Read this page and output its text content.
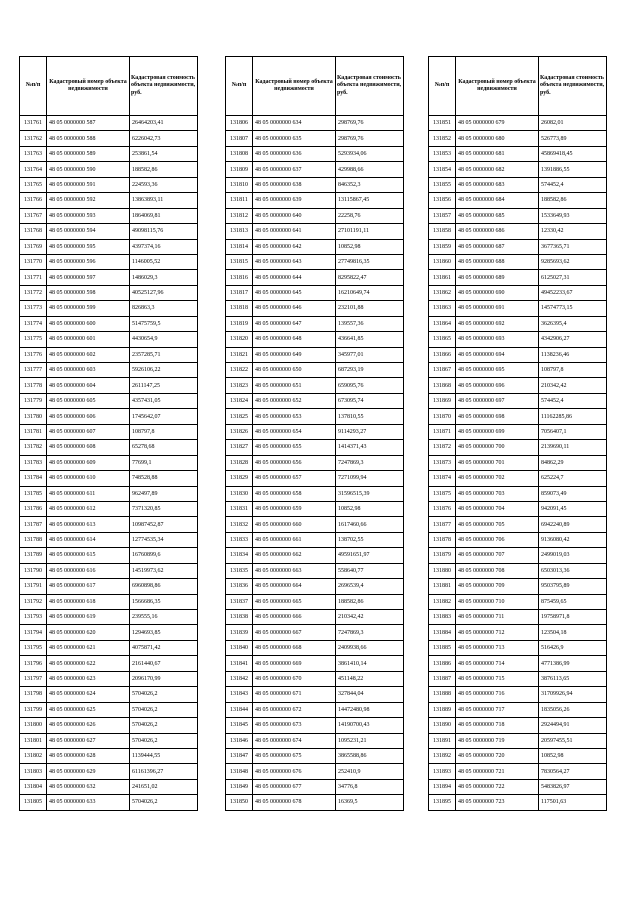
№п/п	Кадастровый номер объекта недвижимости	Кадастровая стоимость объекта недвижимости, руб.
131761	48 05 0000000 587	26464203,41
131762	48 05 0000000 588	6226042,73
131763	48 05 0000000 589	253861,54
131764	48 05 0000000 590	188582,86
131765	48 05 0000000 591	224593,36
131766	48 05 0000000 592	13863893,11
131767	48 05 0000000 593	1864069,81
131768	48 05 0000000 594	49098115,76
131769	48 05 0000000 595	4397374,16
131770	48 05 0000000 596	1146005,52
131771	48 05 0000000 597	1486029,3
131772	48 05 0000000 598	40525127,96
131773	48 05 0000000 599	826863,3
131774	48 05 0000000 600	51475759,5
131775	48 05 0000000 601	4430654,9
131776	48 05 0000000 602	2357285,71
131777	48 05 0000000 603	5926106,22
131778	48 05 0000000 604	2611147,25
131779	48 05 0000000 605	4357431,05
131780	48 05 0000000 606	1745642,07
131781	48 05 0000000 607	108797,8
131782	48 05 0000000 608	65278,68
131783	48 05 0000000 609	77699,1
131784	48 05 0000000 610	748528,88
131785	48 05 0000000 611	962497,89
131786	48 05 0000000 612	7371320,85
131787	48 05 0000000 613	10987452,87
131788	48 05 0000000 614	12774535,34
131789	48 05 0000000 615	16760899,6
131790	48 05 0000000 616	14519973,62
131791	48 05 0000000 617	6960898,86
131792	48 05 0000000 618	1566686,35
131793	48 05 0000000 619	239555,16
131794	48 05 0000000 620	1294693,85
131795	48 05 0000000 621	4075871,42
131796	48 05 0000000 622	2161440,67
131797	48 05 0000000 623	2096170,99
131798	48 05 0000000 624	5704026,2
131799	48 05 0000000 625	5704026,2
131800	48 05 0000000 626	5704026,2
131801	48 05 0000000 627	5704026,2
131802	48 05 0000000 628	1139444,55
131803	48 05 0000000 629	61161396,27
131804	48 05 0000000 632	241651,02
131805	48 05 0000000 633	5704026,2
№п/п	Кадастровый номер объекта недвижимости	Кадастровая стоимость объекта недвижимости, руб.
131806	48 05 0000000 634	298769,76
131807	48 05 0000000 635	298769,76
131808	48 05 0000000 636	5293934,06
131809	48 05 0000000 637	429988,66
131810	48 05 0000000 638	846352,3
131811	48 05 0000000 639	13115867,45
131812	48 05 0000000 640	22258,76
131813	48 05 0000000 641	27101191,11
131814	48 05 0000000 642	10852,98
131815	48 05 0000000 643	27749816,35
131816	48 05 0000000 644	8295822,47
131817	48 05 0000000 645	16210649,74
131818	48 05 0000000 646	232101,88
131819	48 05 0000000 647	139557,36
131820	48 05 0000000 648	436641,85
131821	48 05 0000000 649	345977,01
131822	48 05 0000000 650	687293,19
131823	48 05 0000000 651	659095,76
131824	48 05 0000000 652	673095,74
131825	48 05 0000000 653	137810,55
131826	48 05 0000000 654	9114293,27
131827	48 05 0000000 655	1414371,43
131828	48 05 0000000 656	7247869,3
131829	48 05 0000000 657	7271099,94
131830	48 05 0000000 658	31596515,39
131831	48 05 0000000 659	10852,98
131832	48 05 0000000 660	1617460,66
131833	48 05 0000000 661	138702,55
131834	48 05 0000000 662	49591651,97
131835	48 05 0000000 663	558640,77
131836	48 05 0000000 664	2696539,4
131837	48 05 0000000 665	188582,86
131838	48 05 0000000 666	210342,42
131839	48 05 0000000 667	7247869,3
131840	48 05 0000000 668	2409938,66
131841	48 05 0000000 669	3861410,14
131842	48 05 0000000 670	451148,22
131843	48 05 0000000 671	327844,04
131844	48 05 0000000 672	14472480,98
131845	48 05 0000000 673	14190700,43
131846	48 05 0000000 674	1095231,21
131847	48 05 0000000 675	3865588,86
131848	48 05 0000000 676	252410,9
131849	48 05 0000000 677	34776,8
131850	48 05 0000000 678	16369,5
№п/п	Кадастровый номер объекта недвижимости	Кадастровая стоимость объекта недвижимости, руб.
131851	48 05 0000000 679	26082,01
131852	48 05 0000000 680	526773,89
131853	48 05 0000000 681	45869418,45
131854	48 05 0000000 682	1391886,55
131855	48 05 0000000 683	574452,4
131856	48 05 0000000 684	188582,86
131857	48 05 0000000 685	1533649,93
131858	48 05 0000000 686	12330,42
131859	48 05 0000000 687	3677365,71
131860	48 05 0000000 688	9285693,62
131861	48 05 0000000 689	6125027,31
131862	48 05 0000000 690	49452233,67
131863	48 05 0000000 691	14574773,15
131864	48 05 0000000 692	3626395,4
131865	48 05 0000000 693	4342906,27
131866	48 05 0000000 694	1138236,46
131867	48 05 0000000 695	108797,8
131868	48 05 0000000 696	210342,42
131869	48 05 0000000 697	574452,4
131870	48 05 0000000 698	11162285,86
131871	48 05 0000000 699	7056407,1
131872	48 05 0000000 700	2139690,11
131873	48 05 0000000 701	84862,29
131874	48 05 0000000 702	625224,7
131875	48 05 0000000 703	859073,49
131876	48 05 0000000 704	942091,45
131877	48 05 0000000 705	6942240,89
131878	48 05 0000000 706	9136080,42
131879	48 05 0000000 707	2499019,03
131880	48 05 0000000 708	6503013,36
131881	48 05 0000000 709	9503795,89
131882	48 05 0000000 710	875459,65
131883	48 05 0000000 711	19758971,8
131884	48 05 0000000 712	123504,18
131885	48 05 0000000 713	516426,9
131886	48 05 0000000 714	4771386,99
131887	48 05 0000000 715	3876113,65
131888	48 05 0000000 716	31709926,94
131889	48 05 0000000 717	1835056,26
131890	48 05 0000000 718	2924494,91
131891	48 05 0000000 719	20597455,51
131892	48 05 0000000 720	10852,98
131893	48 05 0000000 721	7830564,27
131894	48 05 0000000 722	5483826,97
131895	48 05 0000000 723	117501,63
